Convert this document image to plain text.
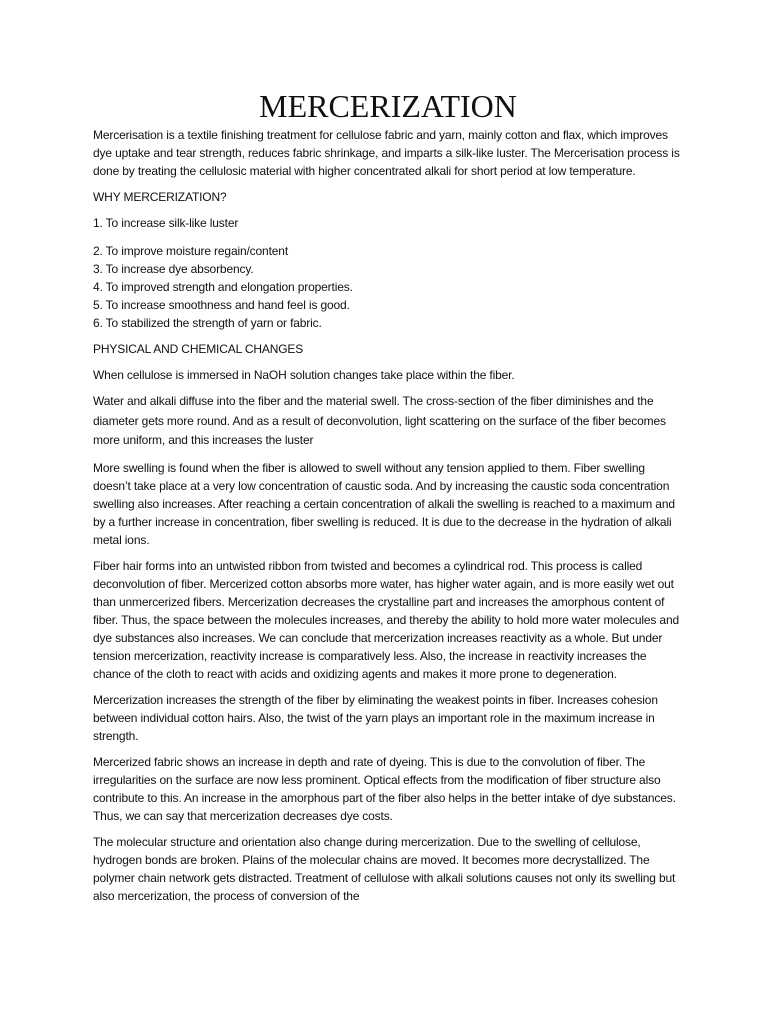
MERCERIZATION

Mercerisation is a textile finishing treatment for cellulose fabric and yarn, mainly cotton and flax, which improves dye uptake and tear strength, reduces fabric shrinkage, and imparts a silk-like luster. The Mercerisation process is done by treating the cellulosic material with higher concentrated alkali for short period at low temperature.

WHY MERCERIZATION?

1. To increase silk-like luster

2. To improve moisture regain/content
3. To increase dye absorbency.
4. To improved strength and elongation properties.
5. To increase smoothness and hand feel is good.
6. To stabilized the strength of yarn or fabric.

PHYSICAL AND CHEMICAL CHANGES

When cellulose is immersed in NaOH solution changes take place within the fiber.

Water and alkali diffuse into the fiber and the material swell. The cross-section of the fiber diminishes and the diameter gets more round. And as a result of deconvolution, light scattering on the surface of the fiber becomes more uniform, and this increases the luster

More swelling is found when the fiber is allowed to swell without any tension applied to them. Fiber swelling doesn’t take place at a very low concentration of caustic soda. And by increasing the caustic soda concentration swelling also increases. After reaching a certain concentration of alkali the swelling is reached to a maximum and by a further increase in concentration, fiber swelling is reduced. It is due to the decrease in the hydration of alkali metal ions.

Fiber hair forms into an untwisted ribbon from twisted and becomes a cylindrical rod. This process is called deconvolution of fiber. Mercerized cotton absorbs more water, has higher water again, and is more easily wet out than unmercerized fibers. Mercerization decreases the crystalline part and increases the amorphous content of fiber. Thus, the space between the molecules increases, and thereby the ability to hold more water molecules and dye substances also increases. We can conclude that mercerization increases reactivity as a whole. But under tension mercerization, reactivity increase is comparatively less. Also, the increase in reactivity increases the chance of the cloth to react with acids and oxidizing agents and makes it more prone to degeneration.

Mercerization increases the strength of the fiber by eliminating the weakest points in fiber. Increases cohesion between individual cotton hairs. Also, the twist of the yarn plays an important role in the maximum increase in strength.

Mercerized fabric shows an increase in depth and rate of dyeing. This is due to the convolution of fiber. The irregularities on the surface are now less prominent. Optical effects from the modification of fiber structure also contribute to this. An increase in the amorphous part of the fiber also helps in the better intake of dye substances. Thus, we can say that mercerization decreases dye costs.

The molecular structure and orientation also change during mercerization. Due to the swelling of cellulose, hydrogen bonds are broken. Plains of the molecular chains are moved. It becomes more decrystallized. The polymer chain network gets distracted. Treatment of cellulose with alkali solutions causes not only its swelling but also mercerization, the process of conversion of the
